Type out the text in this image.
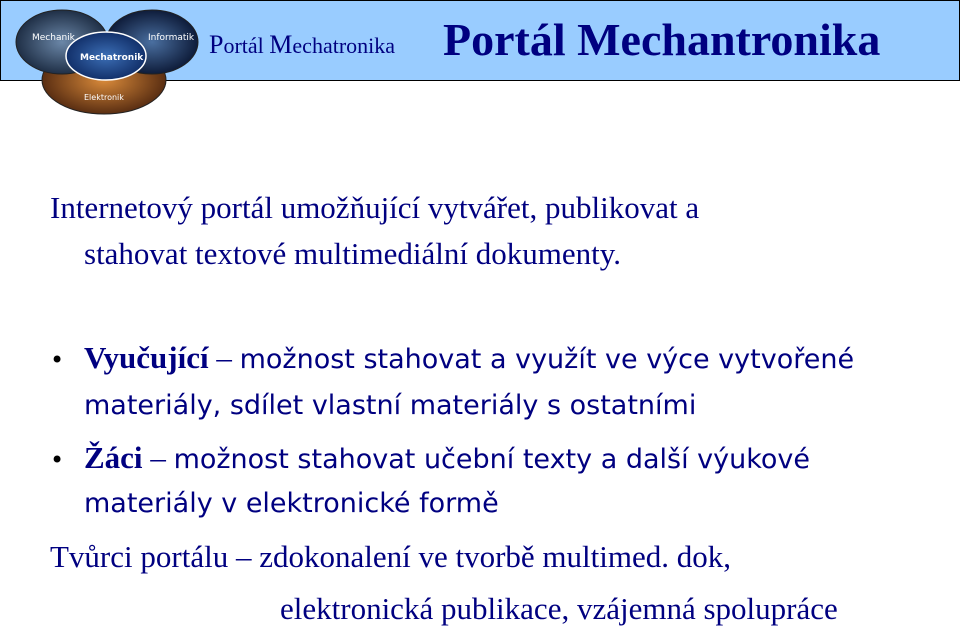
Mechanik	Informatik
Mechatronik
Elektronik
Portál Mechatronika Portál Mechantronika
Internetový portál umožňující vytvářet, publikovat a
stahovat textové multimediální dokumenty.
• Vyučující – možnost stahovat a využít ve výce vytvořené
materiály, sdílet vlastní materiály s ostatními
• Žáci – možnost stahovat učební texty a další výukové
materiály v elektronické formě
Tvůrci portálu – zdokonalení ve tvorbě multimed. dok,
elektronická publikace, vzájemná spolupráce
